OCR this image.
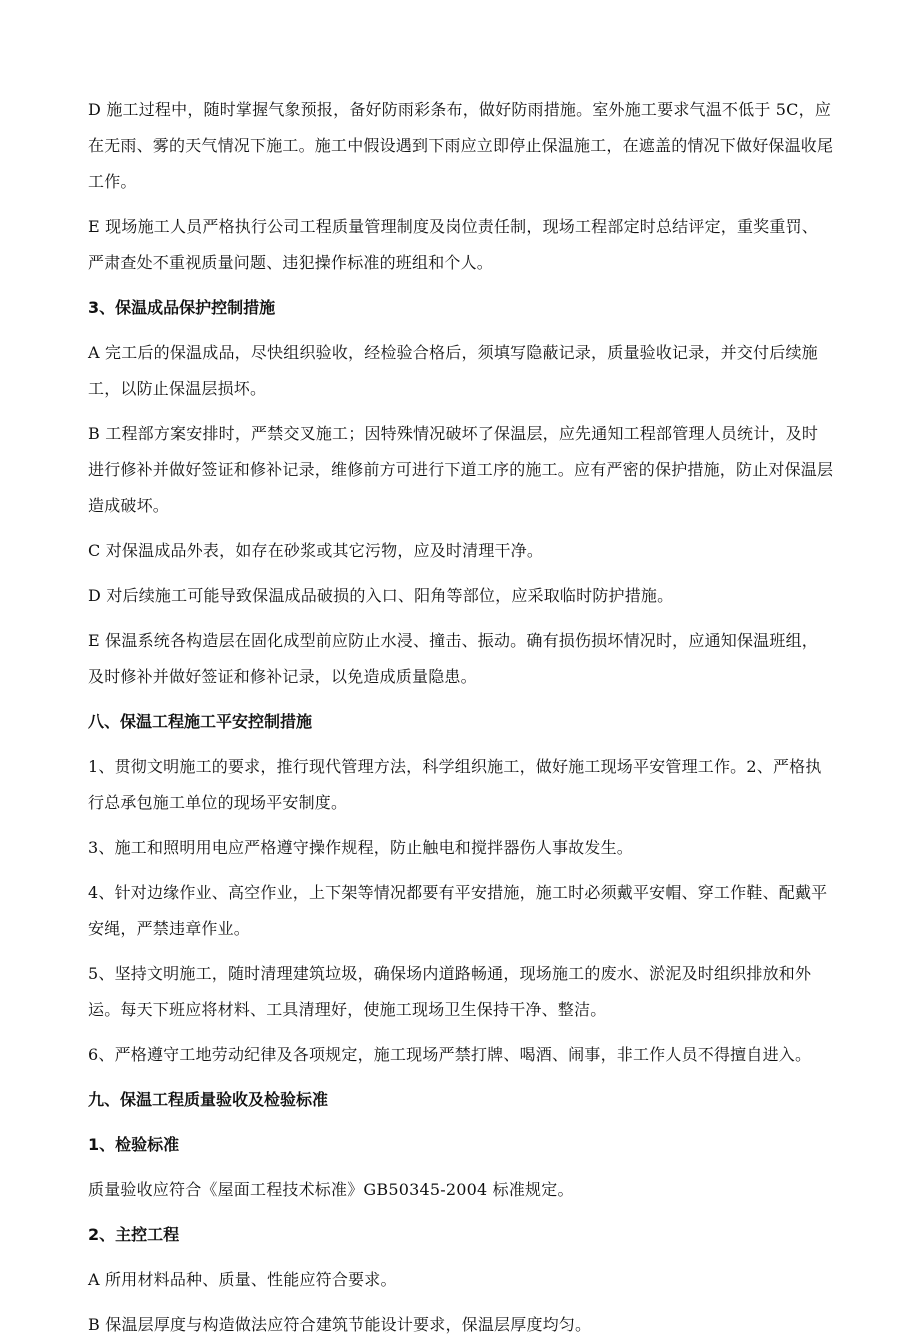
D 施工过程中，随时掌握气象预报，备好防雨彩条布，做好防雨措施。室外施工要求气温不低于 5C，应在无雨、雾的天气情况下施工。施工中假设遇到下雨应立即停止保温施工，在遮盖的情况下做好保温收尾工作。

E 现场施工人员严格执行公司工程质量管理制度及岗位责任制，现场工程部定时总结评定，重奖重罚、严肃查处不重视质量问题、违犯操作标准的班组和个人。

3、保温成品保护控制措施

A 完工后的保温成品，尽快组织验收，经检验合格后，须填写隐蔽记录，质量验收记录，并交付后续施工，以防止保温层损坏。

B 工程部方案安排时，严禁交叉施工；因特殊情况破坏了保温层，应先通知工程部管理人员统计，及时进行修补并做好签证和修补记录，维修前方可进行下道工序的施工。应有严密的保护措施，防止对保温层造成破坏。

C 对保温成品外表，如存在砂浆或其它污物，应及时清理干净。

D 对后续施工可能导致保温成品破损的入口、阳角等部位，应采取临时防护措施。

E 保温系统各构造层在固化成型前应防止水浸、撞击、振动。确有损伤损坏情况时，应通知保温班组，及时修补并做好签证和修补记录，以免造成质量隐患。

八、保温工程施工平安控制措施

1、贯彻文明施工的要求，推行现代管理方法，科学组织施工，做好施工现场平安管理工作。2、严格执行总承包施工单位的现场平安制度。

3、施工和照明用电应严格遵守操作规程，防止触电和搅拌器伤人事故发生。

4、针对边缘作业、高空作业，上下架等情况都要有平安措施，施工时必须戴平安帽、穿工作鞋、配戴平安绳，严禁违章作业。

5、坚持文明施工，随时清理建筑垃圾，确保场内道路畅通，现场施工的废水、淤泥及时组织排放和外运。每天下班应将材料、工具清理好，使施工现场卫生保持干净、整洁。

6、严格遵守工地劳动纪律及各项规定，施工现场严禁打牌、喝酒、闹事，非工作人员不得擅自进入。

九、保温工程质量验收及检验标准

1、检验标准

质量验收应符合《屋面工程技术标准》GB50345-2004 标准规定。

2、主控工程

A 所用材料品种、质量、性能应符合要求。

B 保温层厚度与构造做法应符合建筑节能设计要求，保温层厚度均匀。
